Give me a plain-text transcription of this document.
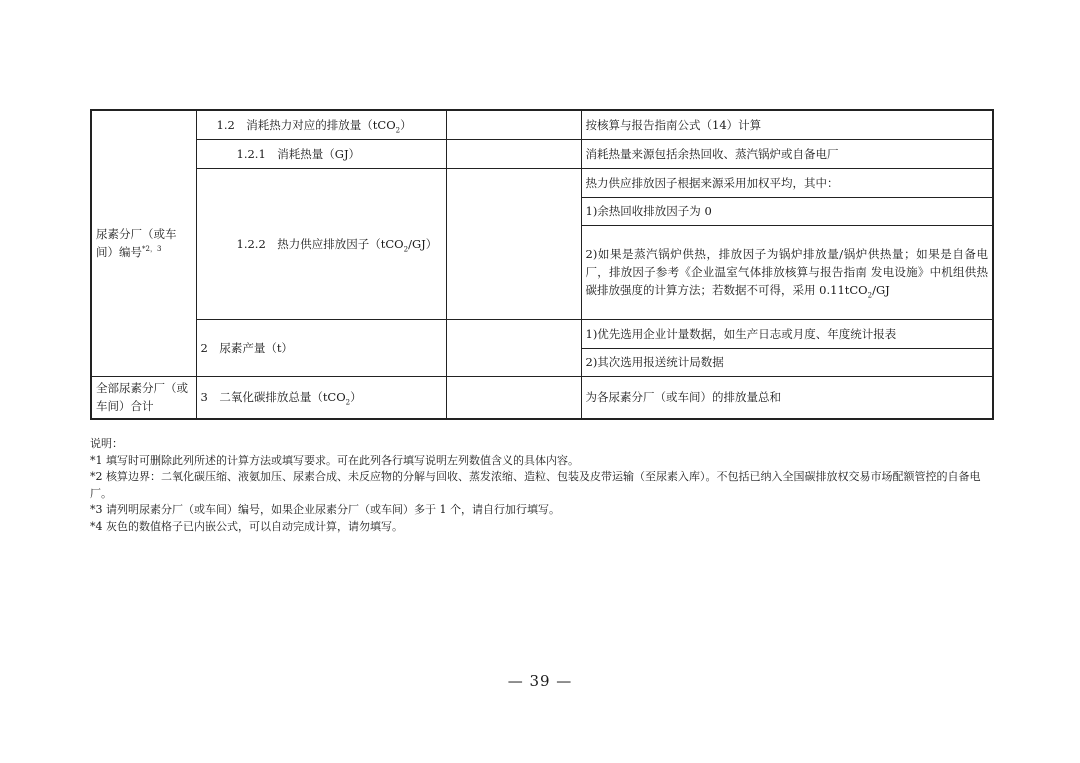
尿素分厂（或车间）编号$^{*2,3}$	1.2　消耗热力对应的排放量（tCO$_2$）		按核算与报告指南公式（14）计算
	1.2.1　消耗热量（GJ）		消耗热量来源包括余热回收、蒸汽锅炉或自备电厂
	1.2.2　热力供应排放因子（tCO$_2$/GJ）		热力供应排放因子根据来源采用加权平均，其中：
			1)余热回收排放因子为 0
			2)如果是蒸汽锅炉供热，排放因子为锅炉排放量/锅炉供热量；如果是自备电厂，排放因子参考《企业温室气体排放核算与报告指南 发电设施》中机组供热碳排放强度的计算方法；若数据不可得，采用 0.11tCO$_2$/GJ
	2　尿素产量（t）		1)优先选用企业计量数据，如生产日志或月度、年度统计报表
			2)其次选用报送统计局数据
全部尿素分厂（或车间）合计	3　二氧化碳排放总量（tCO$_2$）		为各尿素分厂（或车间）的排放量总和
说明：
*1 填写时可删除此列所述的计算方法或填写要求。可在此列各行填写说明左列数值含义的具体内容。
*2 核算边界：二氧化碳压缩、液氨加压、尿素合成、未反应物的分解与回收、蒸发浓缩、造粒、包装及皮带运输（至尿素入库）。不包括已纳入全国碳排放权交易市场配额管控的自备电厂。
*3 请列明尿素分厂（或车间）编号，如果企业尿素分厂（或车间）多于 1 个，请自行加行填写。
*4 灰色的数值格子已内嵌公式，可以自动完成计算，请勿填写。
— 39 —
